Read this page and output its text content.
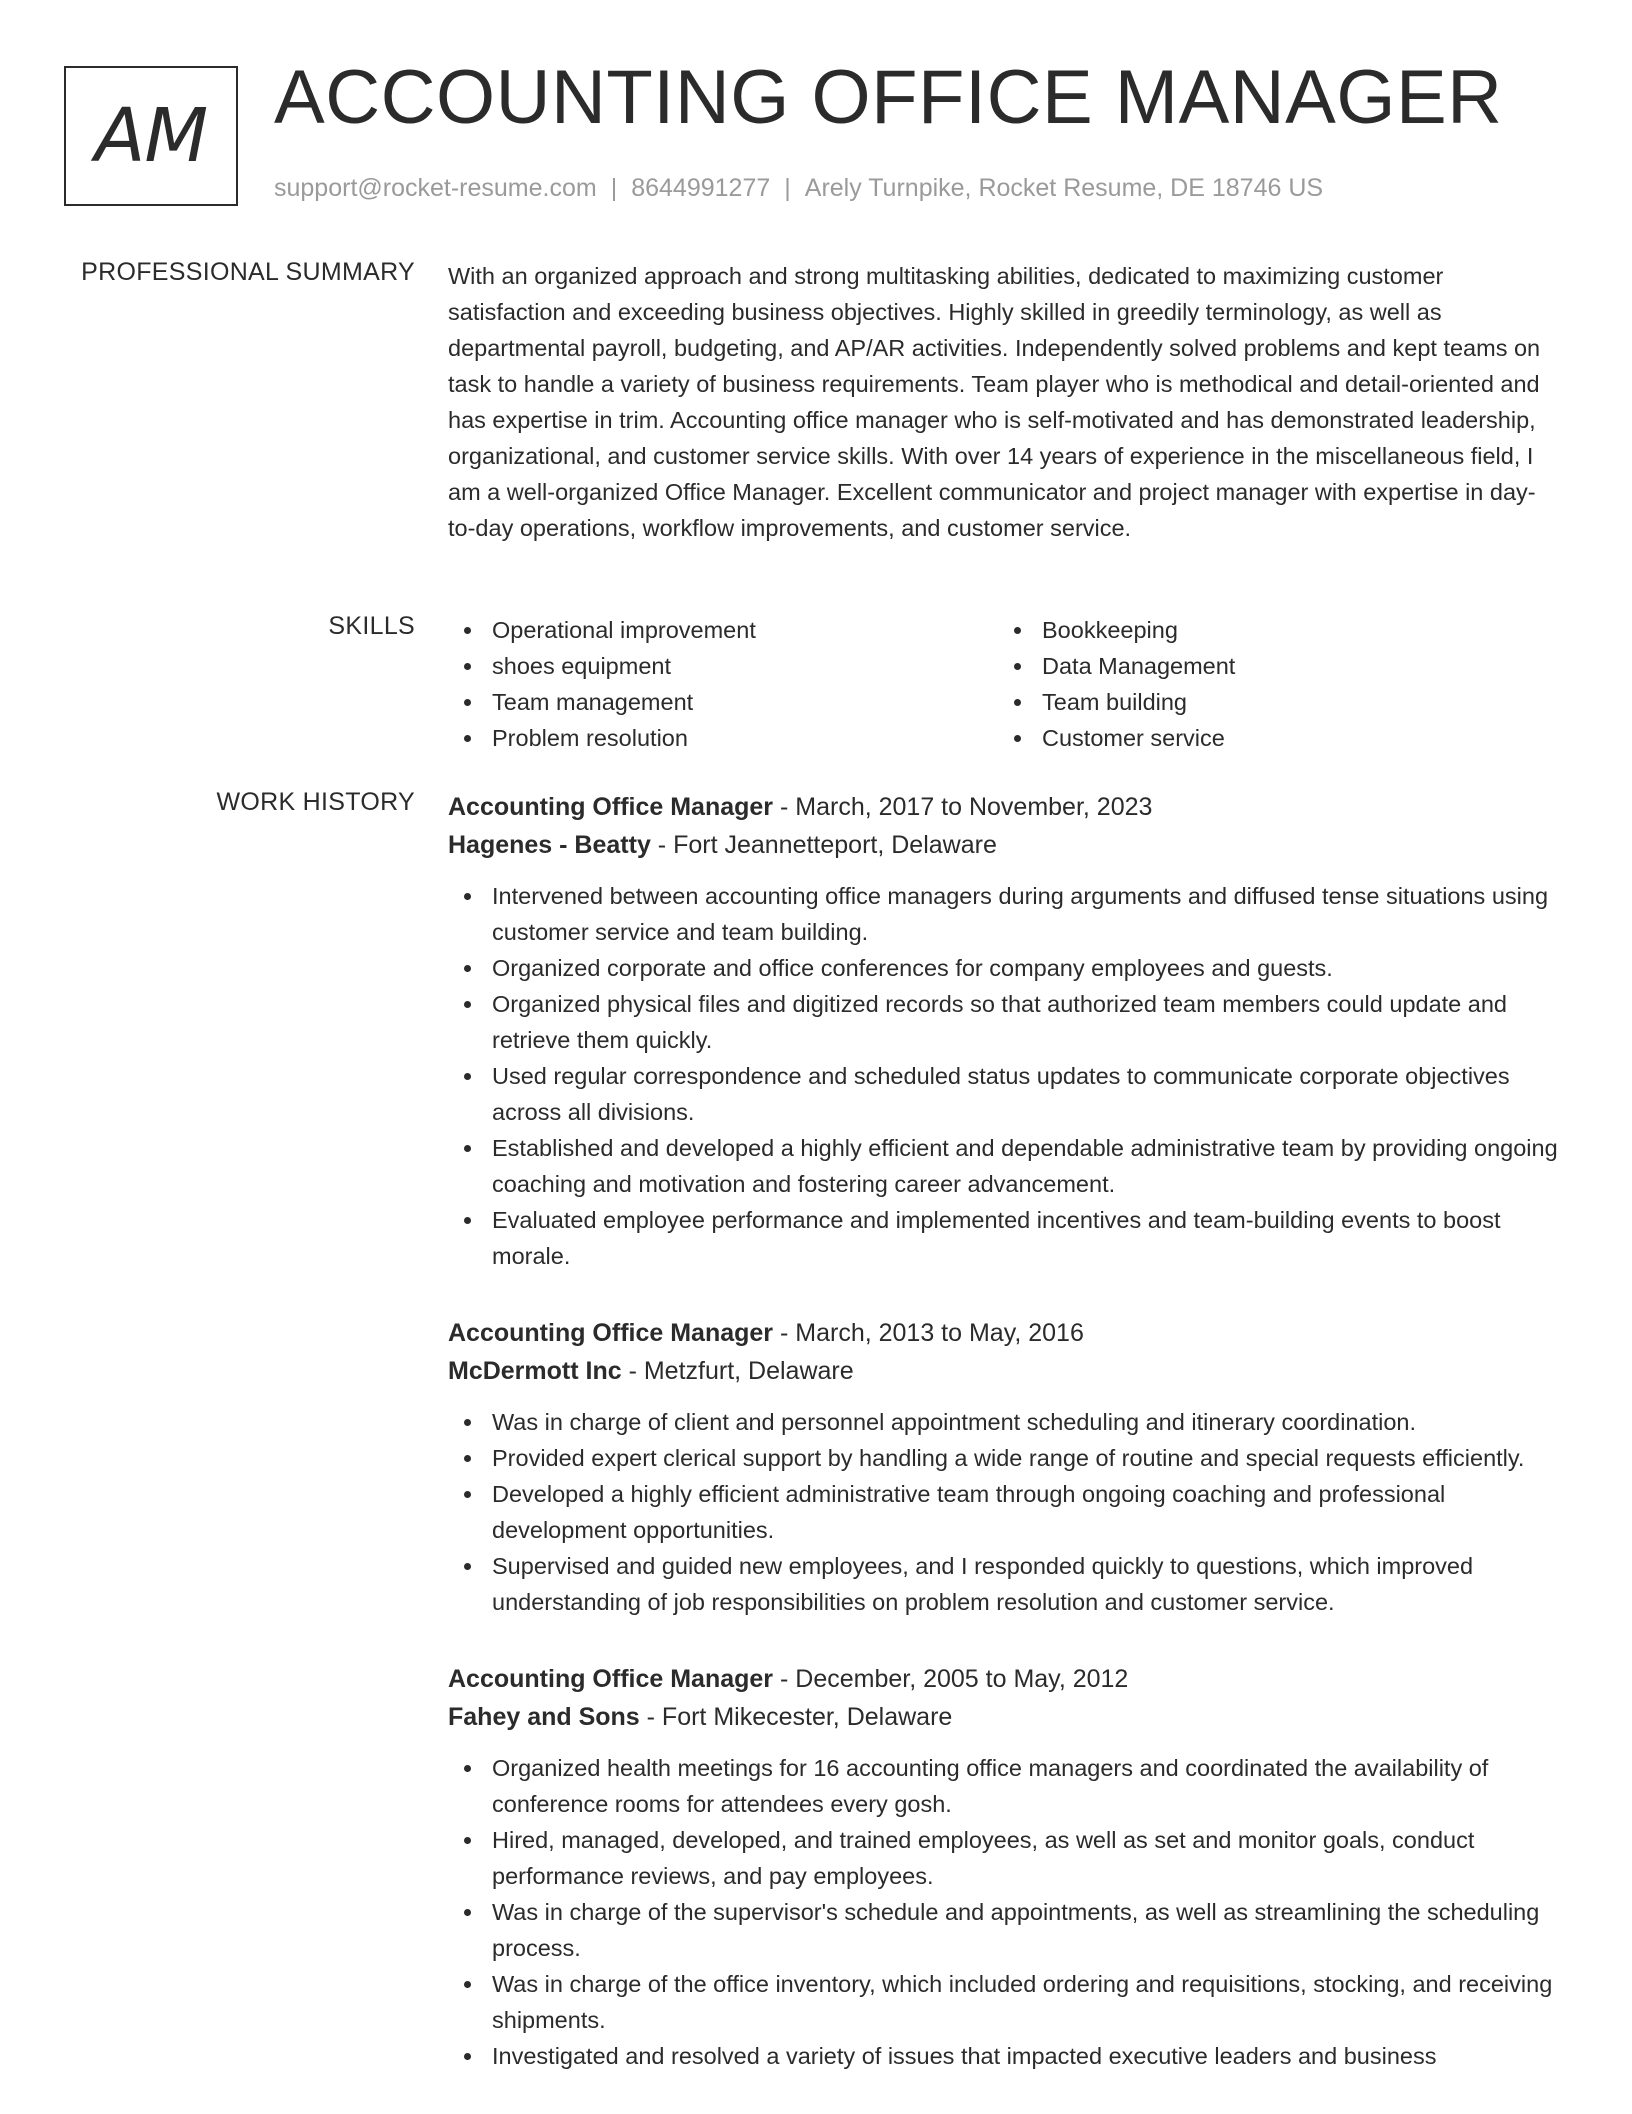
AM ACCOUNTING OFFICE MANAGER
support@rocket-resume.com | 8644991277 | Arely Turnpike, Rocket Resume, DE 18746 US
PROFESSIONAL SUMMARY With an organized approach and strong multitasking abilities, dedicated to maximizing customer satisfaction and exceeding business objectives. Highly skilled in greedily terminology, as well as departmental payroll, budgeting, and AP/AR activities. Independently solved problems and kept teams on task to handle a variety of business requirements. Team player who is methodical and detail-oriented and has expertise in trim. Accounting office manager who is self-motivated and has demonstrated leadership, organizational, and customer service skills. With over 14 years of experience in the miscellaneous field, I am a well-organized Office Manager. Excellent communicator and project manager with expertise in day-to-day operations, workflow improvements, and customer service.

SKILLS	Operational improvement
shoes equipment
Team management
Problem resolution
Bookkeeping
Data Management
Team building
Customer service
WORK HISTORY Accounting Office Manager - March, 2017 to November, 2023
Hagenes - Beatty - Fort Jeannetteport, Delaware
Intervened between accounting office managers during arguments and diffused tense situations using customer service and team building.
Organized corporate and office conferences for company employees and guests.
Organized physical files and digitized records so that authorized team members could update and retrieve them quickly.
Used regular correspondence and scheduled status updates to communicate corporate objectives across all divisions.
Established and developed a highly efficient and dependable administrative team by providing ongoing coaching and motivation and fostering career advancement.
Evaluated employee performance and implemented incentives and team-building events to boost morale.
Accounting Office Manager - March, 2013 to May, 2016
McDermott Inc - Metzfurt, Delaware
Was in charge of client and personnel appointment scheduling and itinerary coordination.
Provided expert clerical support by handling a wide range of routine and special requests efficiently.
Developed a highly efficient administrative team through ongoing coaching and professional development opportunities.
Supervised and guided new employees, and I responded quickly to questions, which improved understanding of job responsibilities on problem resolution and customer service.
Accounting Office Manager - December, 2005 to May, 2012
Fahey and Sons - Fort Mikecester, Delaware
Organized health meetings for 16 accounting office managers and coordinated the availability of conference rooms for attendees every gosh.
Hired, managed, developed, and trained employees, as well as set and monitor goals, conduct performance reviews, and pay employees.
Was in charge of the supervisor's schedule and appointments, as well as streamlining the scheduling process.
Was in charge of the office inventory, which included ordering and requisitions, stocking, and receiving shipments.
Investigated and resolved a variety of issues that impacted executive leaders and business
